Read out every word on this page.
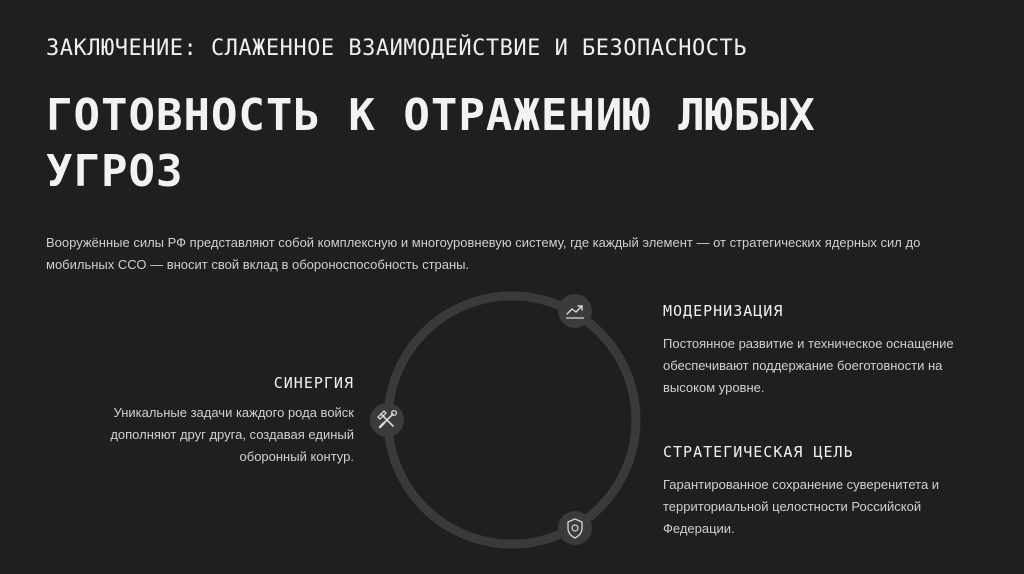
ЗАКЛЮЧЕНИЕ: СЛАЖЕННОЕ ВЗАИМОДЕЙСТВИЕ И БЕЗОПАСНОСТЬ
ГОТОВНОСТЬ К ОТРАЖЕНИЮ ЛЮБЫХ
УГРОЗ
Вооружённые силы РФ представляют собой комплексную и многоуровневую систему, где каждый элемент — от стратегических ядерных сил до
мобильных ССО — вносит свой вклад в обороноспособность страны.
СИНЕРГИЯ
Уникальные задачи каждого рода войск
дополняют друг друга, создавая единый
оборонный контур.
МОДЕРНИЗАЦИЯ
Постоянное развитие и техническое оснащение
обеспечивают поддержание боеготовности на
высоком уровне.
СТРАТЕГИЧЕСКАЯ ЦЕЛЬ
Гарантированное сохранение суверенитета и
территориальной целостности Российской
Федерации.
